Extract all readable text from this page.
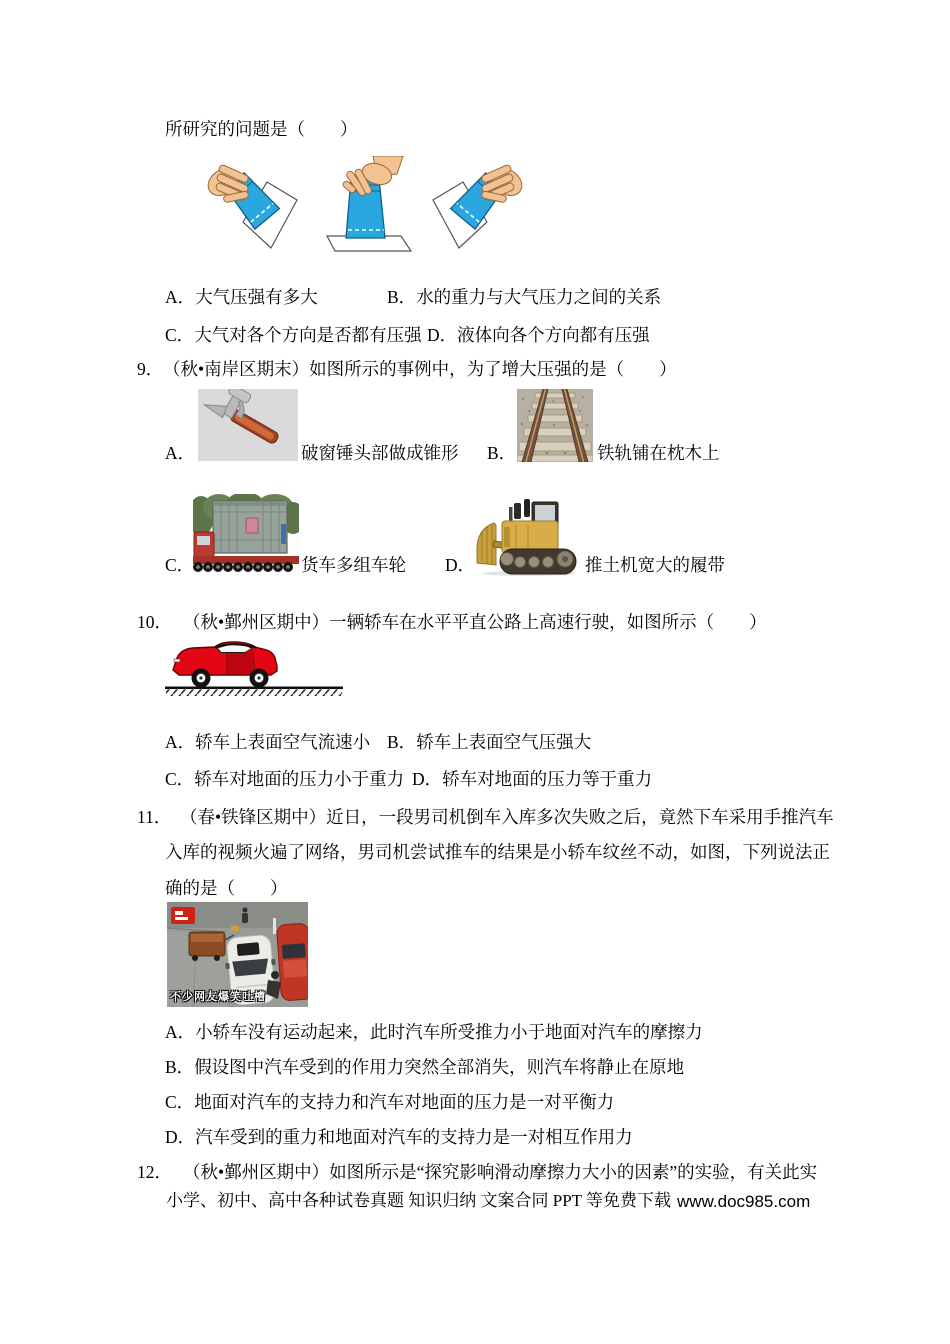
所研究的问题是（　　）
A．大气压强有多大	B．水的重力与大气压力之间的关系
C．大气对各个方向是否都有压强 D．液体向各个方向都有压强
9． （秋•南岸区期末）如图所示的事例中，为了增大压强的是（　　）
A．	破窗锤头部做成锥形 B．	铁轨铺在枕木上
C．	货车多组车轮 D．	推土机宽大的履带
10． （秋•鄞州区期中）一辆轿车在水平平直公路上高速行驶，如图所示（　　）
A．轿车上表面空气流速小 B．轿车上表面空气压强大
C．轿车对地面的压力小于重力 D．轿车对地面的压力等于重力
11． （春•铁锋区期中）近日，一段男司机倒车入库多次失败之后，竟然下车采用手推汽车
入库的视频火遍了网络，男司机尝试推车的结果是小轿车纹丝不动，如图，下列说法正
确的是（　　）
不少网友爆笑吐槽
A．小轿车没有运动起来，此时汽车所受推力小于地面对汽车的摩擦力
B．假设图中汽车受到的作用力突然全部消失，则汽车将静止在原地
C．地面对汽车的支持力和汽车对地面的压力是一对平衡力
D．汽车受到的重力和地面对汽车的支持力是一对相互作用力
12． （秋•鄞州区期中）如图所示是“探究影响滑动摩擦力大小的因素”的实验，有关此实
小学、初中、高中各种试卷真题 知识归纳 文案合同 PPT 等免费下载 www.doc985.com
